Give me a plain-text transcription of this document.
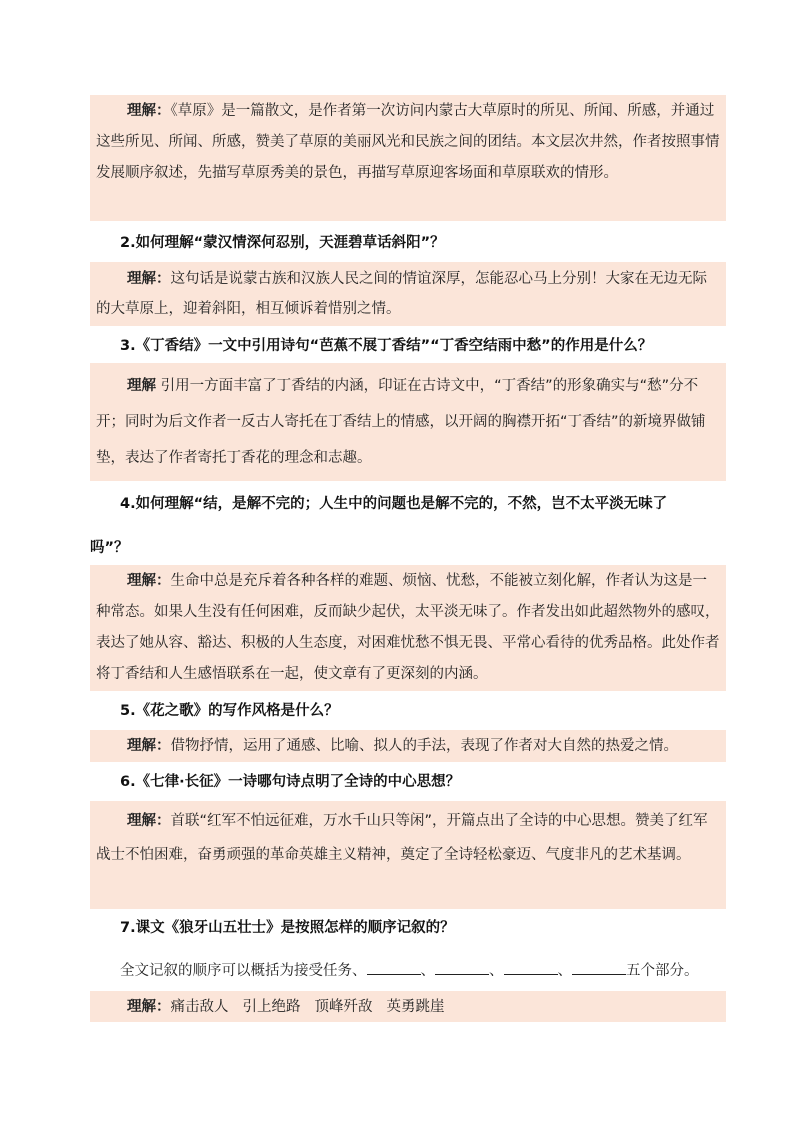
理解：《草原》是一篇散文，是作者第一次访问内蒙古大草原时的所见、所闻、所感，并通过这些所见、所闻、所感，赞美了草原的美丽风光和民族之间的团结。本文层次井然，作者按照事情发展顺序叙述，先描写草原秀美的景色，再描写草原迎客场面和草原联欢的情形。

2.如何理解“蒙汉情深何忍别，天涯碧草话斜阳”？

理解：这句话是说蒙古族和汉族人民之间的情谊深厚，怎能忍心马上分别！大家在无边无际的大草原上，迎着斜阳，相互倾诉着惜别之情。

3.《丁香结》一文中引用诗句“芭蕉不展丁香结”“丁香空结雨中愁”的作用是什么？

理解 引用一方面丰富了丁香结的内涵，印证在古诗文中，“丁香结”的形象确实与“愁”分不开；同时为后文作者一反古人寄托在丁香结上的情感，以开阔的胸襟开拓“丁香结”的新境界做铺垫，表达了作者寄托丁香花的理念和志趣。

4.如何理解“结，是解不完的；人生中的问题也是解不完的，不然，岂不太平淡无味了
吗”？

理解：生命中总是充斥着各种各样的难题、烦恼、忧愁，不能被立刻化解，作者认为这是一种常态。如果人生没有任何困难，反而缺少起伏，太平淡无味了。作者发出如此超然物外的感叹，表达了她从容、豁达、积极的人生态度，对困难忧愁不惧无畏、平常心看待的优秀品格。此处作者将丁香结和人生感悟联系在一起，使文章有了更深刻的内涵。

5.《花之歌》的写作风格是什么？

理解：借物抒情，运用了通感、比喻、拟人的手法，表现了作者对大自然的热爱之情。

6.《七律·长征》一诗哪句诗点明了全诗的中心思想？

理解：首联“红军不怕远征难，万水千山只等闲”，开篇点出了全诗的中心思想。赞美了红军战士不怕困难，奋勇顽强的革命英雄主义精神，奠定了全诗轻松豪迈、气度非凡的艺术基调。

7.课文《狼牙山五壮士》是按照怎样的顺序记叙的？
全文记叙的顺序可以概括为接受任务、	、	、	、	五个部分。

理解：痛击敌人 引上绝路 顶峰歼敌 英勇跳崖
